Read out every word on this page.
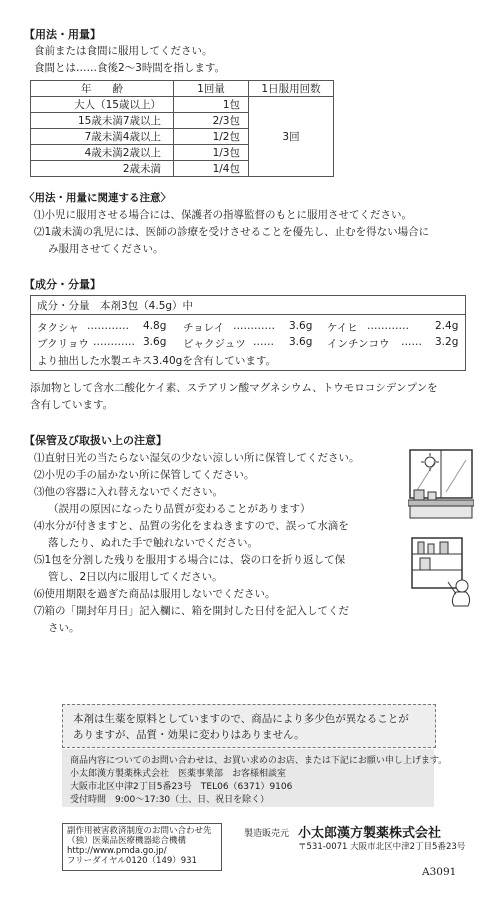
【用法・用量】
食前または食間に服用してください。
食間とは……食後2〜3時間を指します。
年　　齢	1回量	1日服用回数
大人（15歳以上）	1包	3回
15歳未満7歳以上	2/3包	
7歳未満4歳以上	1/2包	
4歳未満2歳以上	1/3包	
2歳未満	1/4包	
〈用法・用量に関連する注意〉
⑴小児に服用させる場合には、保護者の指導監督のもとに服用させてください。
⑵1歳未満の乳児には、医師の診療を受けさせることを優先し、止むを得ない場合に
み服用させてください。
【成分・分量】
成分・分量　本剤3包（4.5g）中
タクシャ ………… 4.8g チョレイ ………… 3.6g ケイヒ ………… 2.4g
ブクリョウ ………… 3.6g ビャクジュツ …… 3.6g インチンコウ …… 3.2g
より抽出した水製エキス3.40gを含有しています。
添加物として含水二酸化ケイ素、ステアリン酸マグネシウム、トウモロコシデンプンを
含有しています。
【保管及び取扱い上の注意】
⑴直射日光の当たらない湿気の少ない涼しい所に保管してください。
⑵小児の手の届かない所に保管してください。
⑶他の容器に入れ替えないでください。
（誤用の原因になったり品質が変わることがあります）
⑷水分が付きますと、品質の劣化をまねきますので、誤って水滴を
落したり、ぬれた手で触れないでください。
⑸1包を分割した残りを服用する場合には、袋の口を折り返して保
管し、2日以内に服用してください。
⑹使用期限を過ぎた商品は服用しないでください。
⑺箱の「開封年月日」記入欄に、箱を開封した日付を記入してくだ
さい。
本剤は生薬を原料としていますので、商品により多少色が異なることが
ありますが、品質・効果に変わりはありません。
商品内容についてのお問い合わせは、お買い求めのお店、または下記にお願い申し上げます。
小太郎漢方製薬株式会社　医薬事業部　お客様相談室
大阪市北区中津2丁目5番23号　TEL06（6371）9106
受付時間　9:00〜17:30（土、日、祝日を除く）
副作用被害救済制度のお問い合わせ先
（独）医薬品医療機器総合機構
http://www.pmda.go.jp/
フリーダイヤル0120（149）931
製造販売元 小太郎漢方製薬株式会社
〒531-0071 大阪市北区中津2丁目5番23号
A3091
